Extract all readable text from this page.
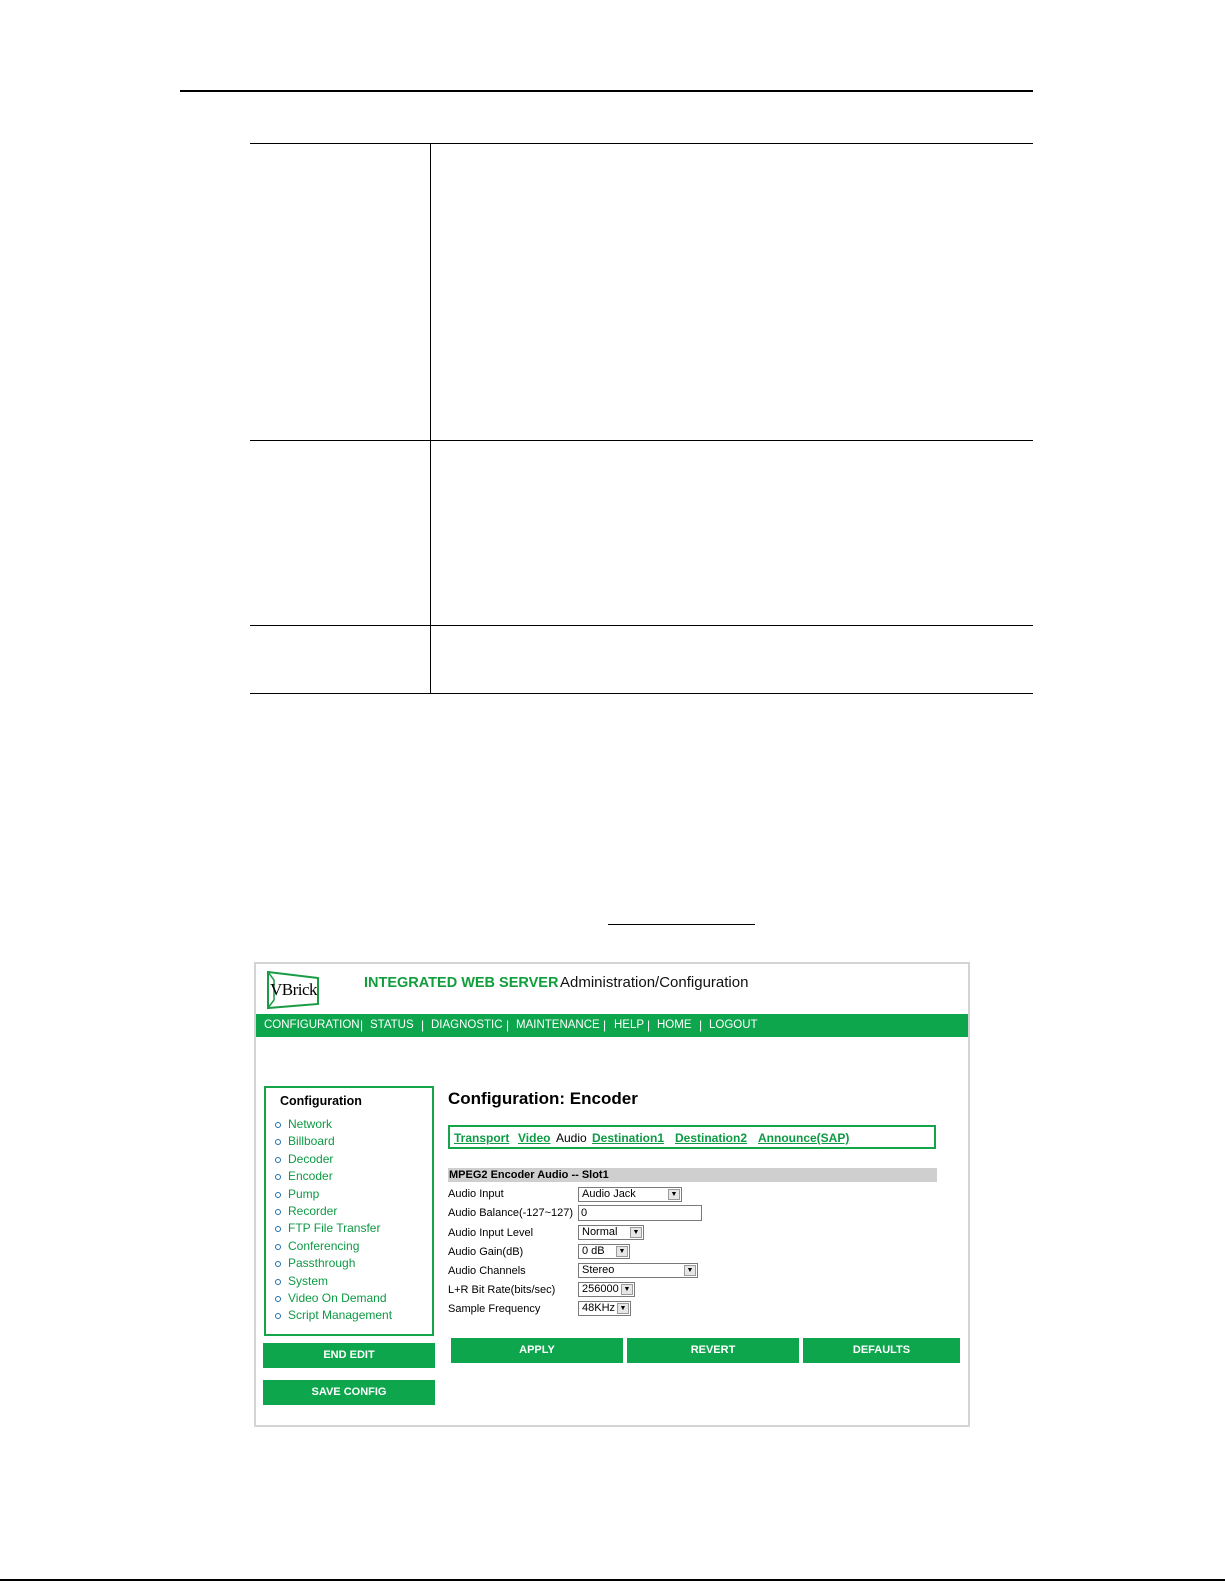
VBrick	INTEGRATED WEB SERVER Administration/Configuration
CONFIGURATION | STATUS | DIAGNOSTIC | MAINTENANCE | HELP | HOME | LOGOUT
Configuration
Network
Billboard
Decoder
Encoder
Pump
Recorder
FTP File Transfer
Conferencing
Passthrough
System
Video On Demand
Script Management
END EDIT
SAVE CONFIG
Configuration: Encoder
Transport Video Audio Destination1 Destination2 Announce(SAP)
MPEG2 Encoder Audio -- Slot1
Audio Input	Audio Jack	▼
Audio Balance(-127~127) 0
Audio Input Level	Normal	▼
Audio Gain(dB)	0 dB	▼
Audio Channels	Stereo	▼
L+R Bit Rate(bits/sec)	256000 ▼
Sample Frequency	48KHz ▼
APPLY	REVERT	DEFAULTS
